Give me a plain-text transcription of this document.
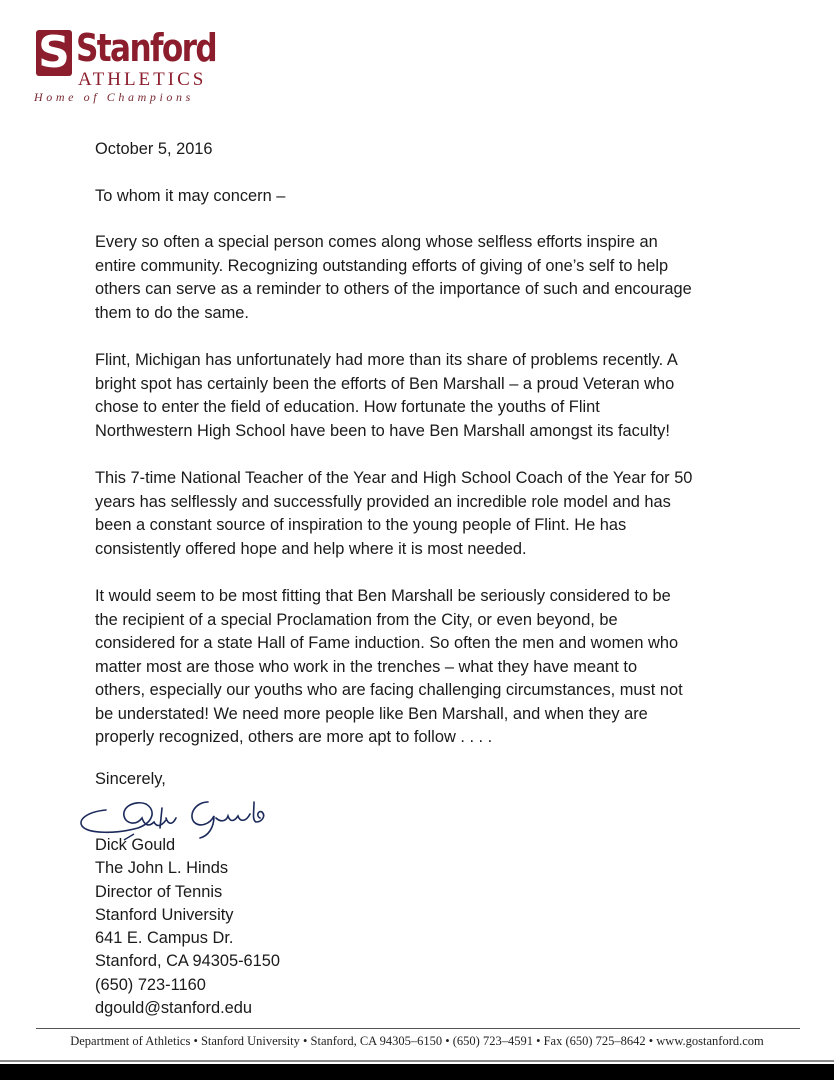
S Stanford
ATHLETICS
Home of Champions

October 5, 2016

To whom it may concern –

Every so often a special person comes along whose selfless efforts inspire an
entire community. Recognizing outstanding efforts of giving of one’s self to help
others can serve as a reminder to others of the importance of such and encourage
them to do the same.

Flint, Michigan has unfortunately had more than its share of problems recently. A
bright spot has certainly been the efforts of Ben Marshall – a proud Veteran who
chose to enter the field of education. How fortunate the youths of Flint
Northwestern High School have been to have Ben Marshall amongst its faculty!

This 7-time National Teacher of the Year and High School Coach of the Year for 50
years has selflessly and successfully provided an incredible role model and has
been a constant source of inspiration to the young people of Flint. He has
consistently offered hope and help where it is most needed.

It would seem to be most fitting that Ben Marshall be seriously considered to be
the recipient of a special Proclamation from the City, or even beyond, be
considered for a state Hall of Fame induction. So often the men and women who
matter most are those who work in the trenches – what they have meant to
others, especially our youths who are facing challenging circumstances, must not
be understated! We need more people like Ben Marshall, and when they are
properly recognized, others are more apt to follow . . . .

Sincerely,
Dick Gould
The John L. Hinds
Director of Tennis
Stanford University
641 E. Campus Dr.
Stanford, CA 94305-6150
(650) 723-1160
dgould@stanford.edu
Department of Athletics • Stanford University • Stanford, CA 94305–6150 • (650) 723–4591 • Fax (650) 725–8642 • www.gostanford.com
